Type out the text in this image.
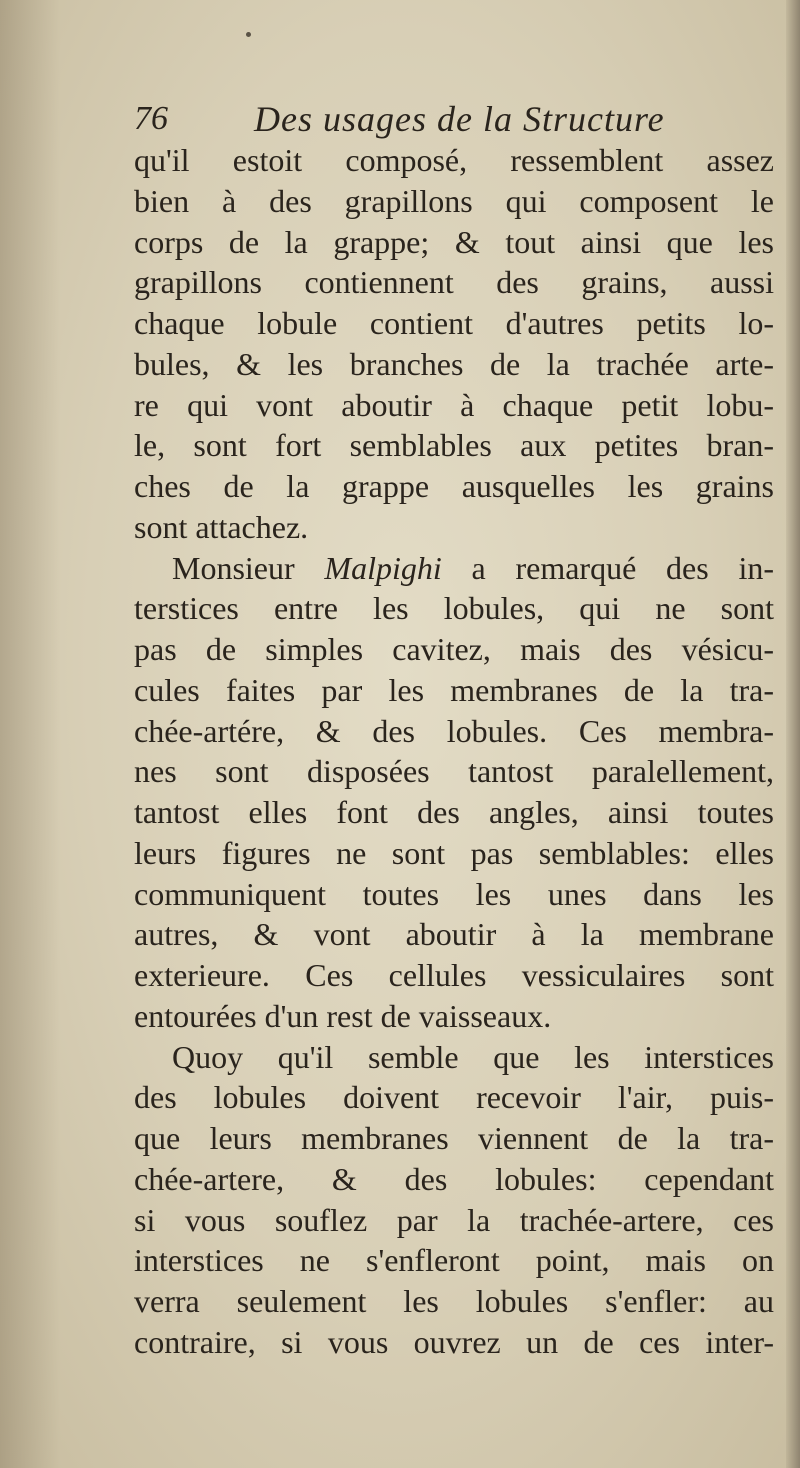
76 Des usages de la Structure
qu'il estoit composé, ressemblent assez
bien à des grapillons qui composent le
corps de la grappe; & tout ainsi que les
grapillons contiennent des grains, aussi
chaque lobule contient d'autres petits lo-
bules, & les branches de la trachée arte-
re qui vont aboutir à chaque petit lobu-
le, sont fort semblables aux petites bran-
ches de la grappe ausquelles les grains
sont attachez.
Monsieur Malpighi a remarqué des in-
terstices entre les lobules, qui ne sont
pas de simples cavitez, mais des vésicu-
cules faites par les membranes de la tra-
chée-artére, & des lobules. Ces membra-
nes sont disposées tantost paralellement,
tantost elles font des angles, ainsi toutes
leurs figures ne sont pas semblables: elles
communiquent toutes les unes dans les
autres, & vont aboutir à la membrane
exterieure. Ces cellules vessiculaires sont
entourées d'un rest de vaisseaux.
Quoy qu'il semble que les interstices
des lobules doivent recevoir l'air, puis-
que leurs membranes viennent de la tra-
chée-artere, & des lobules: cependant
si vous souflez par la trachée-artere, ces
interstices ne s'enfleront point, mais on
verra seulement les lobules s'enfler: au
contraire, si vous ouvrez un de ces inter-
